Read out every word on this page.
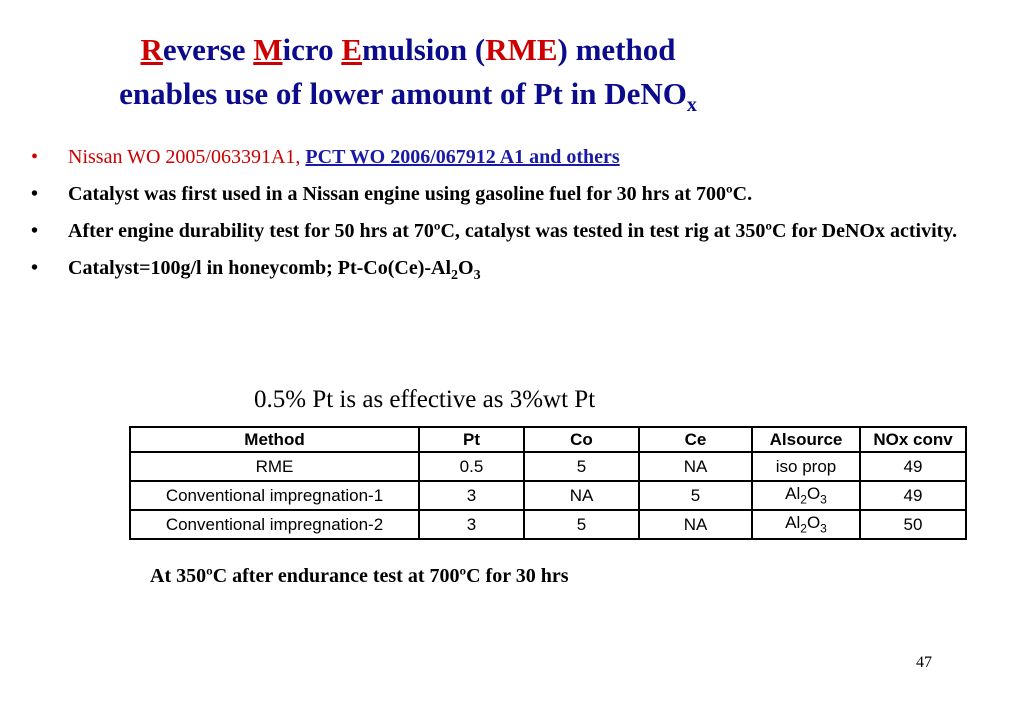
Reverse Micro Emulsion (RME) method
enables use of lower amount of Pt in DeNO$_x$
• Nissan WO 2005/063391A1, PCT WO 2006/067912 A1 and others
• Catalyst was first used in a Nissan engine using gasoline fuel for 30 hrs at 700ºC.
• After engine durability test for 50 hrs at 70ºC, catalyst was tested in test rig at 350ºC for DeNOx activity.
• Catalyst=100g/l in honeycomb; $Pt-Co(Ce)-Al_2O_3$
0.5% Pt is as effective as 3%wt Pt
Method	Pt	Co	Ce	Alsource	NOx conv
RME	0.5	5	NA	iso prop	49
Conventional impregnation-1	3	NA	5	$Al_2O_3$	49
Conventional impregnation-2	3	5	NA	$Al_2O_3$	50
At 350ºC after endurance test at 700ºC for 30 hrs
47
